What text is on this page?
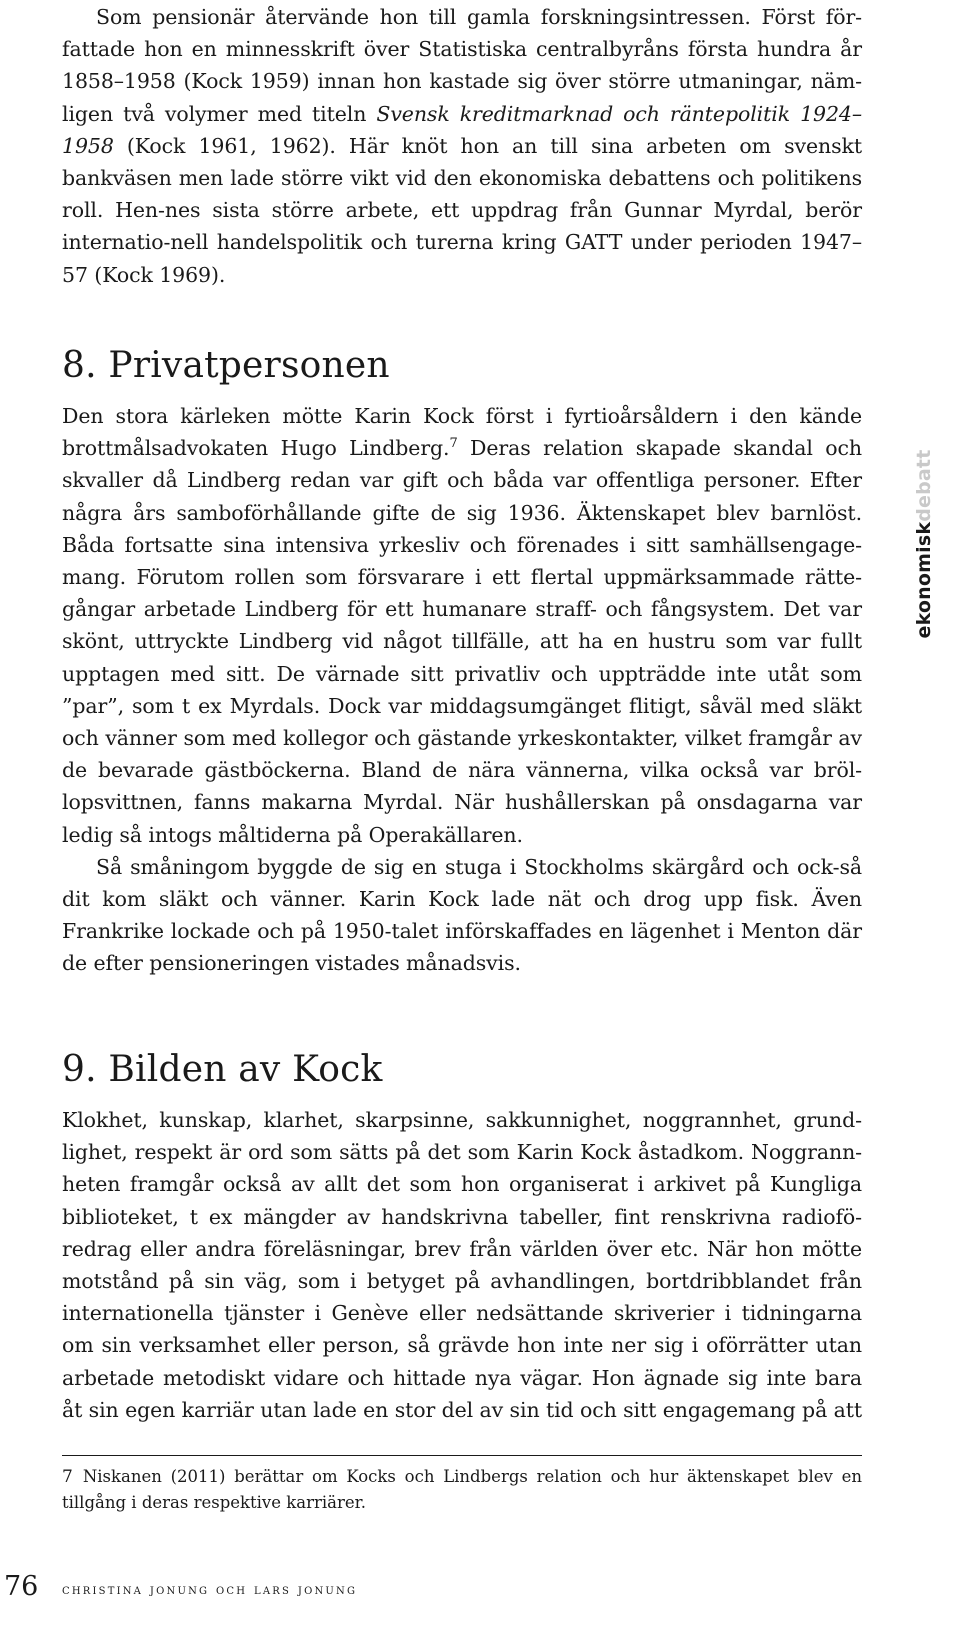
Som pensionär återvände hon till gamla forskningsintressen. Först för-fattade hon en minnesskrift över Statistiska centralbyråns första hundra år 1858–1958 (Kock 1959) innan hon kastade sig över större utmaningar, näm-ligen två volymer med titeln Svensk kreditmarknad och räntepolitik 1924–1958 (Kock 1961, 1962). Här knöt hon an till sina arbeten om svenskt bankväsen men lade större vikt vid den ekonomiska debattens och politikens roll. Hen-nes sista större arbete, ett uppdrag från Gunnar Myrdal, berör internatio-nell handelspolitik och turerna kring GATT under perioden 1947–57 (Kock 1969).

8. Privatpersonen

Den stora kärleken mötte Karin Kock först i fyrtioårsåldern i den kände brottmålsadvokaten Hugo Lindberg.$^7$ Deras relation skapade skandal och skvaller då Lindberg redan var gift och båda var offentliga personer. Efter några års samboförhållande gifte de sig 1936. Äktenskapet blev barnlöst. Båda fortsatte sina intensiva yrkesliv och förenades i sitt samhällsengage-mang. Förutom rollen som försvarare i ett flertal uppmärksammade rätte-gångar arbetade Lindberg för ett humanare straff- och fångsystem. Det var skönt, uttryckte Lindberg vid något tillfälle, att ha en hustru som var fullt upptagen med sitt. De värnade sitt privatliv och uppträdde inte utåt som ”par”, som t ex Myrdals. Dock var middagsumgänget flitigt, såväl med släkt och vänner som med kollegor och gästande yrkeskontakter, vilket framgår av de bevarade gästböckerna. Bland de nära vännerna, vilka också var bröl-lopsvittnen, fanns makarna Myrdal. När hushållerskan på onsdagarna var ledig så intogs måltiderna på Operakällaren.

Så småningom byggde de sig en stuga i Stockholms skärgård och ock-så dit kom släkt och vänner. Karin Kock lade nät och drog upp fisk. Även Frankrike lockade och på 1950-talet införskaffades en lägenhet i Menton där de efter pensioneringen vistades månadsvis.

9. Bilden av Kock

Klokhet, kunskap, klarhet, skarpsinne, sakkunnighet, noggrannhet, grund-lighet, respekt är ord som sätts på det som Karin Kock åstadkom. Noggrann-heten framgår också av allt det som hon organiserat i arkivet på Kungliga biblioteket, t ex mängder av handskrivna tabeller, fint renskrivna radiofö-redrag eller andra föreläsningar, brev från världen över etc. När hon mötte motstånd på sin väg, som i betyget på avhandlingen, bortdribblandet från internationella tjänster i Genève eller nedsättande skriverier i tidningarna om sin verksamhet eller person, så grävde hon inte ner sig i oförrätter utan arbetade metodiskt vidare och hittade nya vägar. Hon ägnade sig inte bara åt sin egen karriär utan lade en stor del av sin tid och sitt engagemang på att

7 Niskanen (2011) berättar om Kocks och Lindbergs relation och hur äktenskapet blev en tillgång i deras respektive karriärer.

76 christina jonung och lars jonung
ekonomiskdebatt
